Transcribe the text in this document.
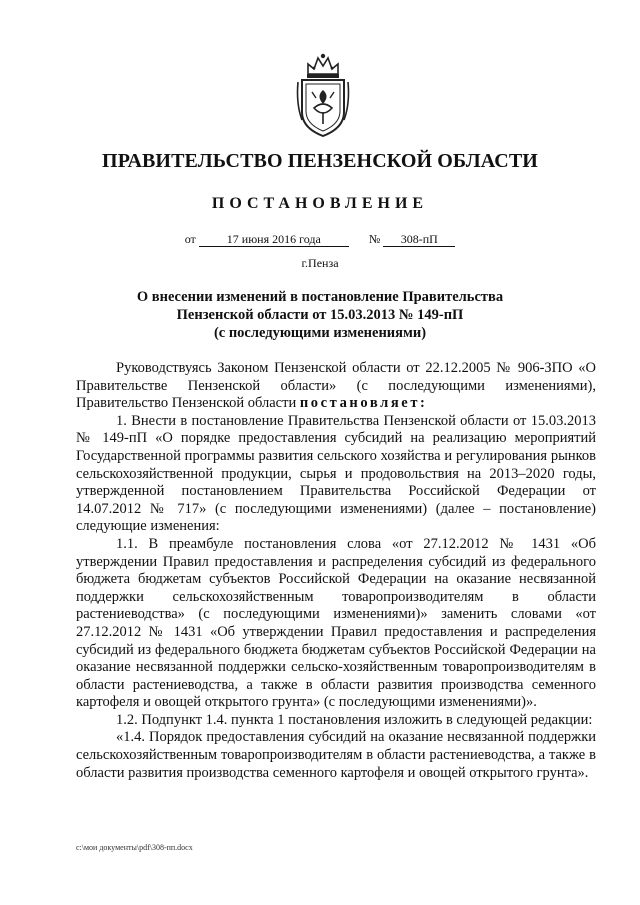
ПРАВИТЕЛЬСТВО ПЕНЗЕНСКОЙ ОБЛАСТИ
ПОСТАНОВЛЕНИЕ
от	17 июня 2016 года	№ 308-пП
г.Пенза
О внесении изменений в постановление Правительства
Пензенской области от 15.03.2013 № 149-пП
(с последующими изменениями)

Руководствуясь Законом Пензенской области от 22.12.2005 № 906-ЗПО «О Правительстве Пензенской области» (с последующими изменениями), Правительство Пензенской области постановляет:

1. Внести в постановление Правительства Пензенской области от 15.03.2013 № 149-пП «О порядке предоставления субсидий на реализацию мероприятий Государственной программы развития сельского хозяйства и регулирования рынков сельскохозяйственной продукции, сырья и продовольствия на 2013–2020 годы, утвержденной постановлением Правительства Российской Федерации от 14.07.2012 № 717» (с последующими изменениями) (далее – постановление) следующие изменения:

1.1. В преамбуле постановления слова «от 27.12.2012 № 1431 «Об утверждении Правил предоставления и распределения субсидий из федерального бюджета бюджетам субъектов Российской Федерации на оказание несвязанной поддержки сельскохозяйственным товаропроизводителям в области растениеводства» (с последующими изменениями)» заменить словами «от 27.12.2012 № 1431 «Об утверждении Правил предоставления и распределения субсидий из федерального бюджета бюджетам субъектов Российской Федерации на оказание несвязанной поддержки сельско-хозяйственным товаропроизводителям в области растениеводства, а также в области развития производства семенного картофеля и овощей открытого грунта» (с последующими изменениями)».

1.2. Подпункт 1.4. пункта 1 постановления изложить в следующей редакции:

«1.4. Порядок предоставления субсидий на оказание несвязанной поддержки сельскохозяйственным товаропроизводителям в области растениеводства, а также в области развития производства семенного картофеля и овощей открытого грунта».

c:\мои документы\pdf\308-пп.docx
